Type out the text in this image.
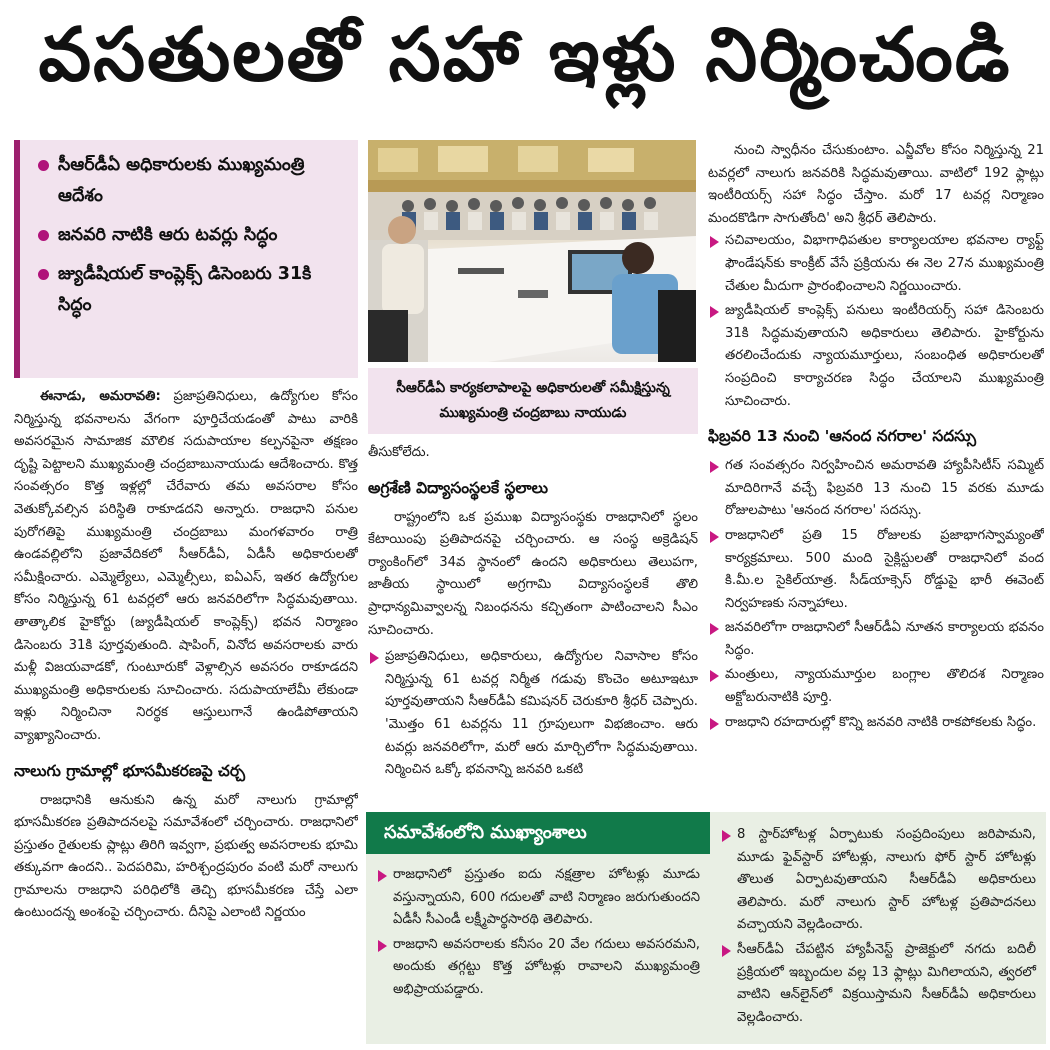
వసతులతో సహా ఇళ్లు నిర్మించండి
సీఆర్‌డీఏ అధికారులకు ముఖ్యమంత్రి ఆదేశం
జనవరి నాటికి ఆరు టవర్లు సిద్ధం
జ్యుడీషియల్‌ కాంప్లెక్స్‌ డిసెంబరు 31కి సిద్ధం

ఈనాడు, అమరావతి: ప్రజాప్రతినిధులు, ఉద్యోగుల కోసం నిర్మిస్తున్న భవనాలను వేగంగా పూర్తిచేయడంతో పాటు వారికి అవసరమైన సామాజిక మౌలిక సదుపాయాల కల్పనపైనా తక్షణం దృష్టి పెట్టాలని ముఖ్యమంత్రి చంద్రబాబునాయుడు ఆదేశించారు. కొత్త సంవత్సరం కొత్త ఇళ్లల్లో చేరేవారు తమ అవసరాల కోసం వెతుక్కోవల్సిన పరిస్థితి రాకూడదని అన్నారు. రాజధాని పనుల పురోగతిపై ముఖ్యమంత్రి చంద్రబాబు మంగళవారం రాత్రి ఉండవల్లిలోని ప్రజావేదికలో సీఆర్‌డీఏ, ఏడీసీ అధికారులతో సమీక్షించారు. ఎమ్మెల్యేలు, ఎమ్మెల్సీలు, ఐఏఎస్‌, ఇతర ఉద్యోగుల కోసం నిర్మిస్తున్న 61 టవర్లలో ఆరు జనవరిలోగా సిద్ధమవుతాయి. తాత్కాలిక హైకోర్టు (జ్యుడీషియల్‌ కాంప్లెక్స్‌) భవన నిర్మాణం డిసెంబరు 31కి పూర్తవుతుంది. షాపింగ్‌, వినోద అవసరాలకు వారు మళ్లీ విజయవాడకో, గుంటూరుకో వెళ్లాల్సిన అవసరం రాకూడదని ముఖ్యమంత్రి అధికారులకు సూచించారు. సదుపాయాలేమీ లేకుండా ఇళ్లు నిర్మించినా నిరర్థక ఆస్తులుగానే ఉండిపోతాయని వ్యాఖ్యానించారు.

నాలుగు గ్రామాల్లో భూసమీకరణపై చర్చ

రాజధానికి ఆనుకుని ఉన్న మరో నాలుగు గ్రామాల్లో భూసమీకరణ ప్రతిపాదనలపై సమావేశంలో చర్చించారు. రాజధానిలో ప్రస్తుతం రైతులకు ప్లాట్లు తిరిగి ఇవ్వగా, ప్రభుత్వ అవసరాలకు భూమి తక్కువగా ఉందని.. పెదపరిమి, హరిశ్చంద్రపురం వంటి మరో నాలుగు గ్రామాలను రాజధాని పరిధిలోకి తెచ్చి భూసమీకరణ చేస్తే ఎలా ఉంటుందన్న అంశంపై చర్చించారు. దీనిపై ఎలాంటి నిర్ణయం

సీఆర్‌డీఏ కార్యకలాపాలపై అధికారులతో సమీక్షిస్తున్న ముఖ్యమంత్రి చంద్రబాబు నాయుడు

తీసుకోలేదు.

అగ్రశేణి విద్యాసంస్థలకే స్థలాలు

రాష్ట్రంలోని ఒక ప్రముఖ విద్యాసంస్థకు రాజధానిలో స్థలం కేటాయింపు ప్రతిపాదనపై చర్చించారు. ఆ సంస్థ అక్రెడిషన్‌ ర్యాంకింగ్‌లో 34వ స్థానంలో ఉందని అధికారులు తెలుపగా, జాతీయ స్థాయిలో అగ్రగామి విద్యాసంస్థలకే తొలి ప్రాధాన్యమివ్వాలన్న నిబంధనను కచ్చితంగా పాటించాలని సీఎం సూచించారు.

ప్రజాప్రతినిధులు, అధికారులు, ఉద్యోగుల నివాసాల కోసం నిర్మిస్తున్న 61 టవర్ల నిర్మీత గడువు కొంచెం అటూఇటూ పూర్తవుతాయని సీఆర్‌డీఏ కమిషనర్‌ చెరుకూరి శ్రీధర్‌ చెప్పారు. 'మొత్తం 61 టవర్లను 11 గ్రూపులుగా విభజించాం. ఆరు టవర్లు జనవరిలోగా, మరో ఆరు మార్చిలోగా సిద్ధమవుతాయి. నిర్మించిన ఒక్కో భవనాన్ని జనవరి ఒకటి

నుంచి స్వాధీనం చేసుకుంటాం. ఎన్జీవోల కోసం నిర్మిస్తున్న 21 టవర్లలో నాలుగు జనవరికి సిద్ధమవుతాయి. వాటిలో 192 ఫ్లాట్లు ఇంటీరియర్స్‌ సహా సిద్ధం చేస్తాం. మరో 17 టవర్ల నిర్మాణం మందకొడిగా సాగుతోంది' అని శ్రీధర్‌ తెలిపారు.

సచివాలయం, విభాగాధిపతుల కార్యాలయాల భవనాల ర్యాఫ్ట్‌ ఫౌండేషన్‌కు కాంక్రీట్‌ వేసే ప్రక్రియను ఈ నెల 27న ముఖ్యమంత్రి చేతుల మీదుగా ప్రారంభించాలని నిర్ణయించారు.

జ్యుడీషియల్‌ కాంప్లెక్స్‌ పనులు ఇంటీరియర్స్‌ సహా డిసెంబరు 31కి సిద్ధమవుతాయని అధికారులు తెలిపారు. హైకోర్టును తరలించేందుకు న్యాయమూర్తులు, సంబంధిత అధికారులతో సంప్రదించి కార్యాచరణ సిద్ధం చేయాలని ముఖ్యమంత్రి సూచించారు.

ఫిబ్రవరి 13 నుంచి 'ఆనంద నగరాల' సదస్సు

గత సంవత్సరం నిర్వహించిన అమరావతి హ్యాపీసిటీస్‌ సమ్మిట్‌ మాదిరిగానే వచ్చే ఫిబ్రవరి 13 నుంచి 15 వరకు మూడు రోజులపాటు 'ఆనంద నగరాల' సదస్సు.

రాజధానిలో ప్రతి 15 రోజులకు ప్రజాభాగస్వామ్యంతో కార్యక్రమాలు. 500 మంది సైక్లిస్టులతో రాజధానిలో వంద కి.మీ.ల సైకిల్‌యాత్ర. సీడ్‌యాక్సెస్‌ రోడ్డుపై భారీ ఈవెంట్‌ నిర్వహణకు సన్నాహాలు.

జనవరిలోగా రాజధానిలో సీఆర్‌డీఏ నూతన కార్యాలయ భవనం సిద్ధం.

మంత్రులు, న్యాయమూర్తుల బంగ్లాల తొలిదశ నిర్మాణం అక్టోబరునాటికి పూర్తి.

రాజధాని రహదారుల్లో కొన్ని జనవరి నాటికి రాకపోకలకు సిద్ధం.

సమావేశంలోని ముఖ్యాంశాలు

రాజధానిలో ప్రస్తుతం ఐదు నక్షత్రాల హోటళ్లు మూడు వస్తున్నాయని, 600 గదులతో వాటి నిర్మాణం జరుగుతుందని ఏడీసీ సీఎండీ లక్ష్మీపార్థసారథి తెలిపారు.

రాజధాని అవసరాలకు కనీసం 20 వేల గదులు అవసరమని, అందుకు తగ్గట్టు కొత్త హోటళ్లు రావాలని ముఖ్యమంత్రి అభిప్రాయపడ్డారు.

8 స్టార్‌హోటళ్ల ఏర్పాటుకు సంప్రదింపులు జరిపామని, మూడు ఫైవ్‌స్టార్‌ హోటళ్లు, నాలుగు ఫోర్‌ స్టార్‌ హోటళ్లు తొలుత ఏర్పాటవుతాయని సీఆర్‌డీఏ అధికారులు తెలిపారు. మరో నాలుగు స్టార్‌ హోటళ్ల ప్రతిపాదనలు వచ్చాయని వెల్లడించారు.

సీఆర్‌డీఏ చేపట్టిన హ్యాపీనెస్ట్‌ ప్రాజెక్టులో నగదు బదిలీ ప్రక్రియలో ఇబ్బందుల వల్ల 13 ఫ్లాట్లు మిగిలాయని, త్వరలో వాటిని ఆన్‌లైన్‌లో విక్రయిస్తామని సీఆర్‌డీఏ అధికారులు వెల్లడించారు.
